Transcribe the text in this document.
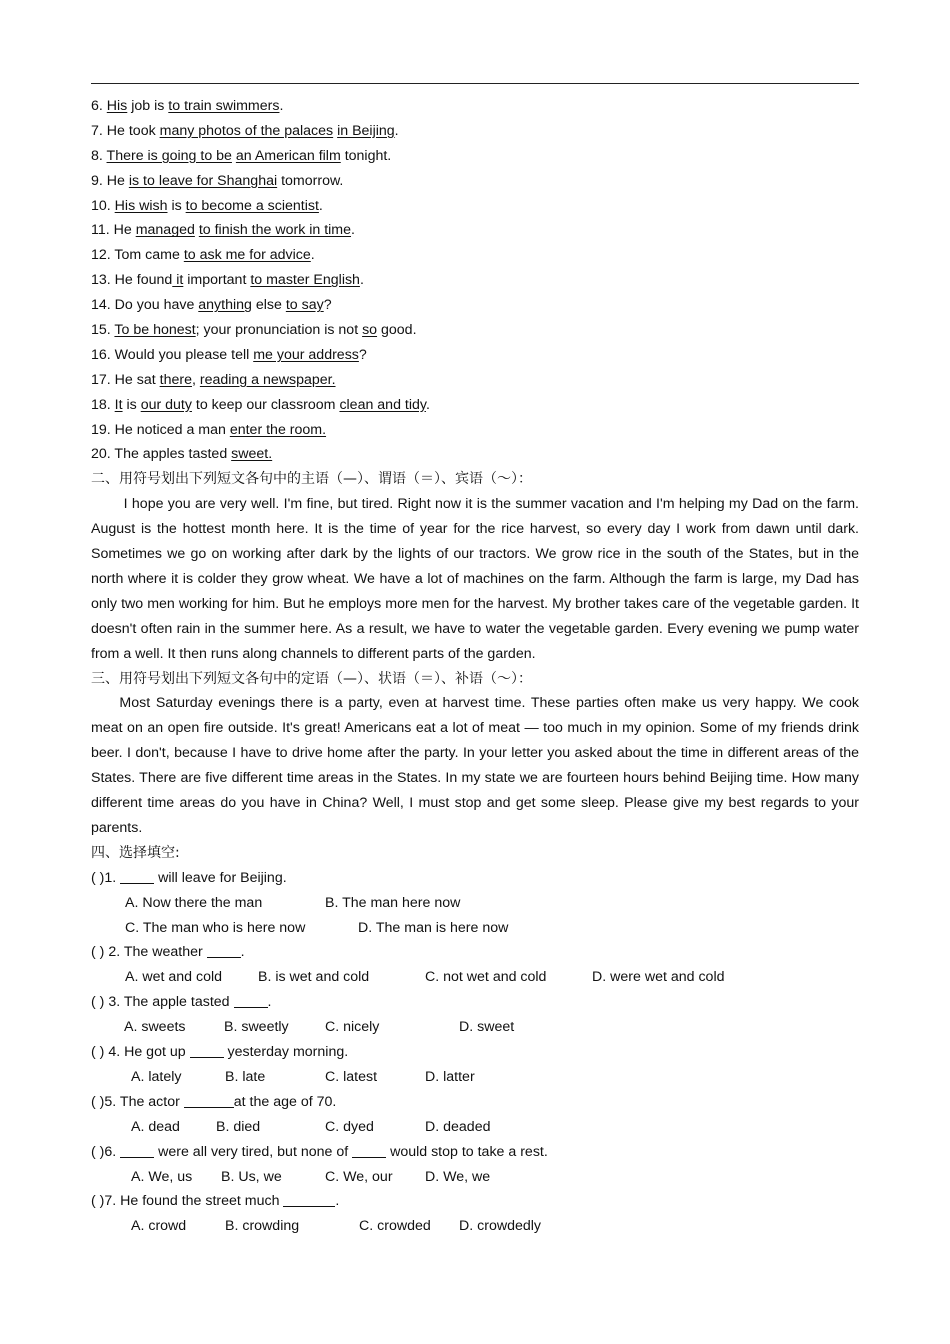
6. His job is to train swimmers.
7. He took many photos of the palaces in Beijing.
8. There is going to be an American film tonight.
9. He is to leave for Shanghai tomorrow.
10. His wish is to become a scientist.
11. He managed to finish the work in time.
12. Tom came to ask me for advice.
13. He found it important to master English.
14. Do you have anything else to say?
15. To be honest; your pronunciation is not so good.
16. Would you please tell me your address?
17. He sat there, reading a newspaper.
18. It is our duty to keep our classroom clean and tidy.
19. He noticed a man enter the room.
20. The apples tasted sweet.
二、用符号划出下列短文各句中的主语（—）、谓语（＝）、宾语（～）：

I hope you are very well. I'm fine, but tired. Right now it is the summer vacation and I'm helping my Dad on the farm. August is the hottest month here. It is the time of year for the rice harvest, so every day I work from dawn until dark. Sometimes we go on working after dark by the lights of our tractors. We grow rice in the south of the States, but in the north where it is colder they grow wheat. We have a lot of machines on the farm. Although the farm is large, my Dad has only two men working for him. But he employs more men for the harvest. My brother takes care of the vegetable garden. It doesn't often rain in the summer here. As a result, we have to water the vegetable garden. Every evening we pump water from a well. It then runs along channels to different parts of the garden.

三、用符号划出下列短文各句中的定语（—）、状语（＝）、补语（～）：

Most Saturday evenings there is a party, even at harvest time. These parties often make us very happy. We cook meat on an open fire outside. It's great! Americans eat a lot of meat — too much in my opinion. Some of my friends drink beer. I don't, because I have to drive home after the party. In your letter you asked about the time in different areas of the States. There are five different time areas in the States. In my state we are fourteen hours behind Beijing time. How many different time areas do you have in China? Well, I must stop and get some sleep. Please give my best regards to your parents.

四、选择填空:
( )1.  will leave for Beijing.
A. Now there the man	B. The man here now
C. The man who is here now	D. The man is here now
( ) 2. The weather .
A. wet and cold	B. is wet and cold	C. not wet and cold	D. were wet and cold
( ) 3. The apple tasted .
A. sweets	B. sweetly	C. nicely	D. sweet
( ) 4. He got up  yesterday morning.
A. lately	B. late	C. latest	D. latter
( )5. The actor	at the age of 70.
A. dead	B. died	C. dyed	D. deaded
( )6.  were all very tired, but none of  would stop to take a rest.
A. We, us B. Us, we	C. We, our D. We, we
( )7. He found the street much	.
A. crowd	B. crowding	C. crowded D. crowdedly
